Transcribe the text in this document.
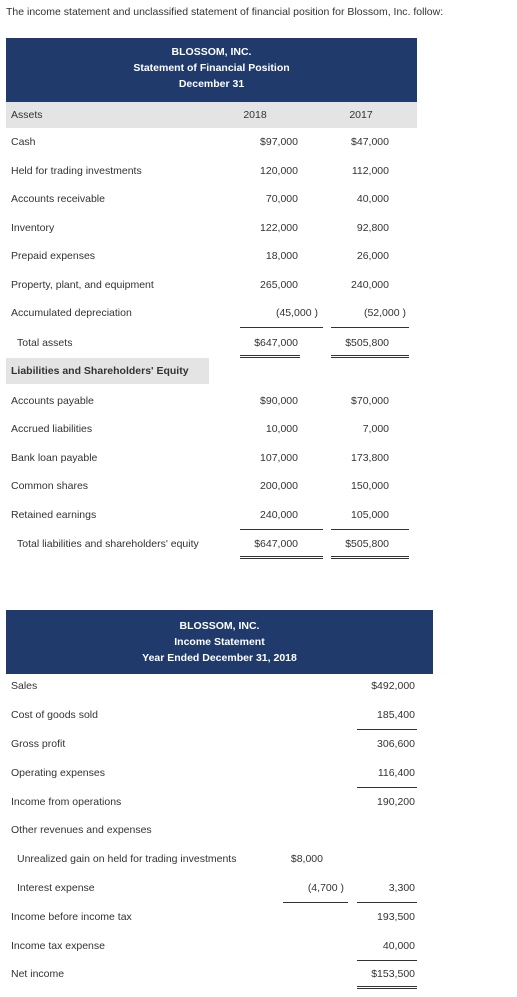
The income statement and unclassified statement of financial position for Blossom, Inc. follow:
BLOSSOM, INC.
Statement of Financial Position
December 31
Assets	2018	2017
Cash	$97,000	$47,000
Held for trading investments	120,000	112,000
Accounts receivable	70,000	40,000
Inventory	122,000	92,800
Prepaid expenses	18,000	26,000
Property, plant, and equipment	265,000	240,000
Accumulated depreciation	(45,000 )	(52,000 )
Total assets	$647,000	$505,800
Liabilities and Shareholders' Equity
Accounts payable	$90,000	$70,000
Accrued liabilities	10,000	7,000
Bank loan payable	107,000	173,800
Common shares	200,000	150,000
Retained earnings	240,000	105,000
Total liabilities and shareholders' equity	$647,000	$505,800
BLOSSOM, INC.
Income Statement
Year Ended December 31, 2018
Sales	$492,000
Cost of goods sold	185,400
Gross profit	306,600
Operating expenses	116,400
Income from operations	190,200
Other revenues and expenses
Unrealized gain on held for trading investments	$8,000
Interest expense	(4,700 )	3,300
Income before income tax	193,500
Income tax expense	40,000
Net income	$153,500
